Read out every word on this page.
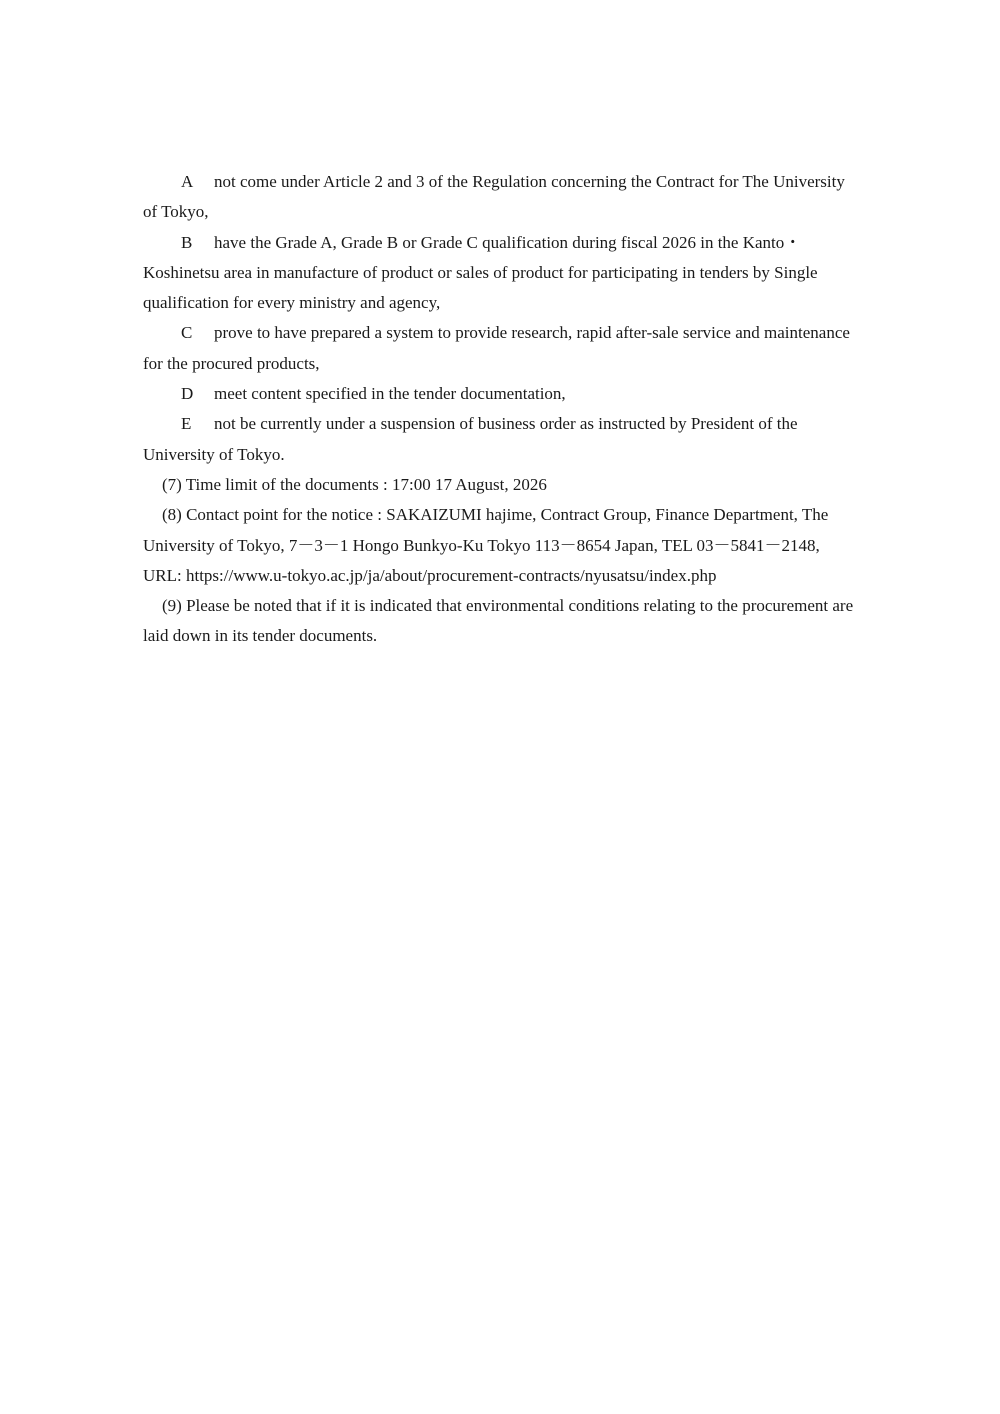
A not come under Article 2 and 3 of the Regulation concerning the Contract for The University of Tokyo,

B have the Grade A, Grade B or Grade C qualification during fiscal 2026 in the Kanto・Koshinetsu area in manufacture of product or sales of product for participating in tenders by Single qualification for every ministry and agency,

C prove to have prepared a system to provide research, rapid after-sale service and maintenance for the procured products,

D meet content specified in the tender documentation,

E not be currently under a suspension of business order as instructed by President of the University of Tokyo.

(7) Time limit of the documents : 17:00 17 August, 2026

(8) Contact point for the notice : SAKAIZUMI hajime, Contract Group, Finance Department, The University of Tokyo, 7－3－1 Hongo Bunkyo-Ku Tokyo 113－8654 Japan, TEL 03－5841－2148, URL: https://www.u-tokyo.ac.jp/ja/about/procurement-contracts/nyusatsu/index.php

(9) Please be noted that if it is indicated that environmental conditions relating to the procurement are laid down in its tender documents.
